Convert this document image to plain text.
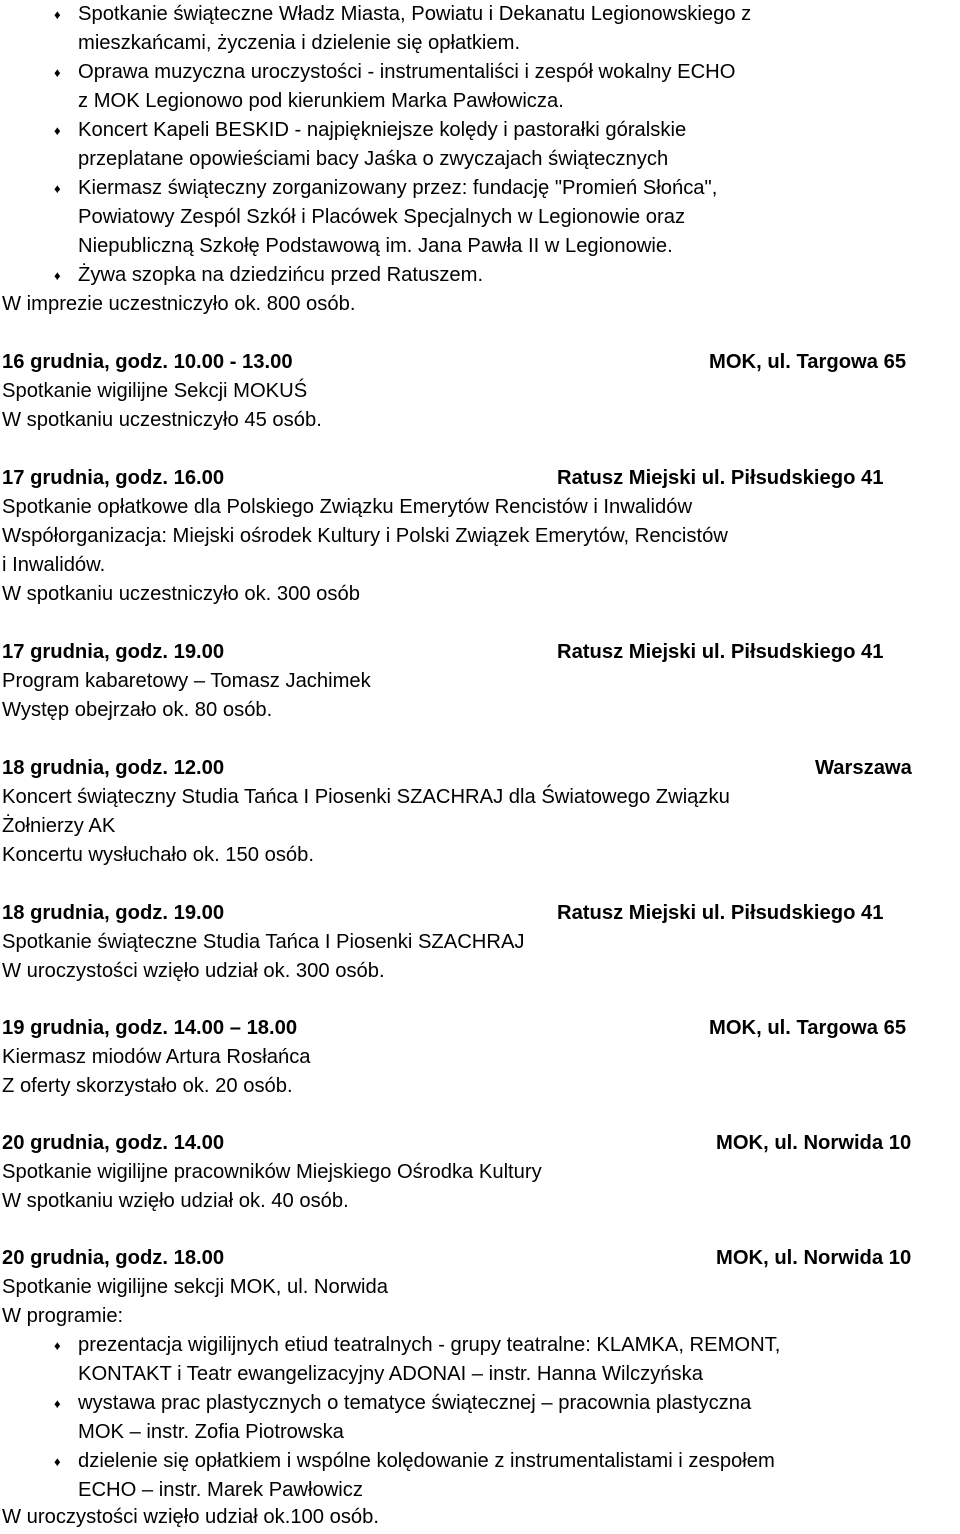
♦ Spotkanie świąteczne Władz Miasta, Powiatu i Dekanatu Legionowskiego z
mieszkańcami, życzenia i dzielenie się opłatkiem.
♦ Oprawa muzyczna uroczystości - instrumentaliści i zespół wokalny ECHO
z MOK Legionowo pod kierunkiem Marka Pawłowicza.
♦ Koncert Kapeli BESKID - najpiękniejsze kolędy i pastorałki góralskie
przeplatane opowieściami bacy Jaśka o zwyczajach świątecznych
♦ Kiermasz świąteczny zorganizowany przez: fundację "Promień Słońca",
Powiatowy Zespól Szkół i Placówek Specjalnych w Legionowie oraz
Niepubliczną Szkołę Podstawową im. Jana Pawła II w Legionowie.
♦ Żywa szopka na dziedzińcu przed Ratuszem.
W imprezie uczestniczyło ok. 800 osób.
16 grudnia, godz. 10.00 - 13.00	MOK, ul. Targowa 65
Spotkanie wigilijne Sekcji MOKUŚ
W spotkaniu uczestniczyło 45 osób.
17 grudnia, godz. 16.00	Ratusz Miejski ul. Piłsudskiego 41
Spotkanie opłatkowe dla Polskiego Związku Emerytów Rencistów i Inwalidów
Współorganizacja: Miejski ośrodek Kultury i Polski Związek Emerytów, Rencistów
i Inwalidów.
W spotkaniu uczestniczyło ok. 300 osób
17 grudnia, godz. 19.00	Ratusz Miejski ul. Piłsudskiego 41
Program kabaretowy – Tomasz Jachimek
Występ obejrzało ok. 80 osób.
18 grudnia, godz. 12.00	Warszawa
Koncert świąteczny Studia Tańca I Piosenki SZACHRAJ dla Światowego Związku
Żołnierzy AK
Koncertu wysłuchało ok. 150 osób.
18 grudnia, godz. 19.00	Ratusz Miejski ul. Piłsudskiego 41
Spotkanie świąteczne Studia Tańca I Piosenki SZACHRAJ
W uroczystości wzięło udział ok. 300 osób.
19 grudnia, godz. 14.00 – 18.00	MOK, ul. Targowa 65
Kiermasz miodów Artura Rosłańca
Z oferty skorzystało ok. 20 osób.
20 grudnia, godz. 14.00	MOK, ul. Norwida 10
Spotkanie wigilijne pracowników Miejskiego Ośrodka Kultury
W spotkaniu wzięło udział ok. 40 osób.
20 grudnia, godz. 18.00	MOK, ul. Norwida 10
Spotkanie wigilijne sekcji MOK, ul. Norwida
W programie:
♦ prezentacja wigilijnych etiud teatralnych - grupy teatralne: KLAMKA, REMONT,
KONTAKT i Teatr ewangelizacyjny ADONAI – instr. Hanna Wilczyńska
♦ wystawa prac plastycznych o tematyce świątecznej – pracownia plastyczna
MOK – instr. Zofia Piotrowska
♦ dzielenie się opłatkiem i wspólne kolędowanie z instrumentalistami i zespołem
ECHO – instr. Marek Pawłowicz
W uroczystości wzięło udział ok.100 osób.
